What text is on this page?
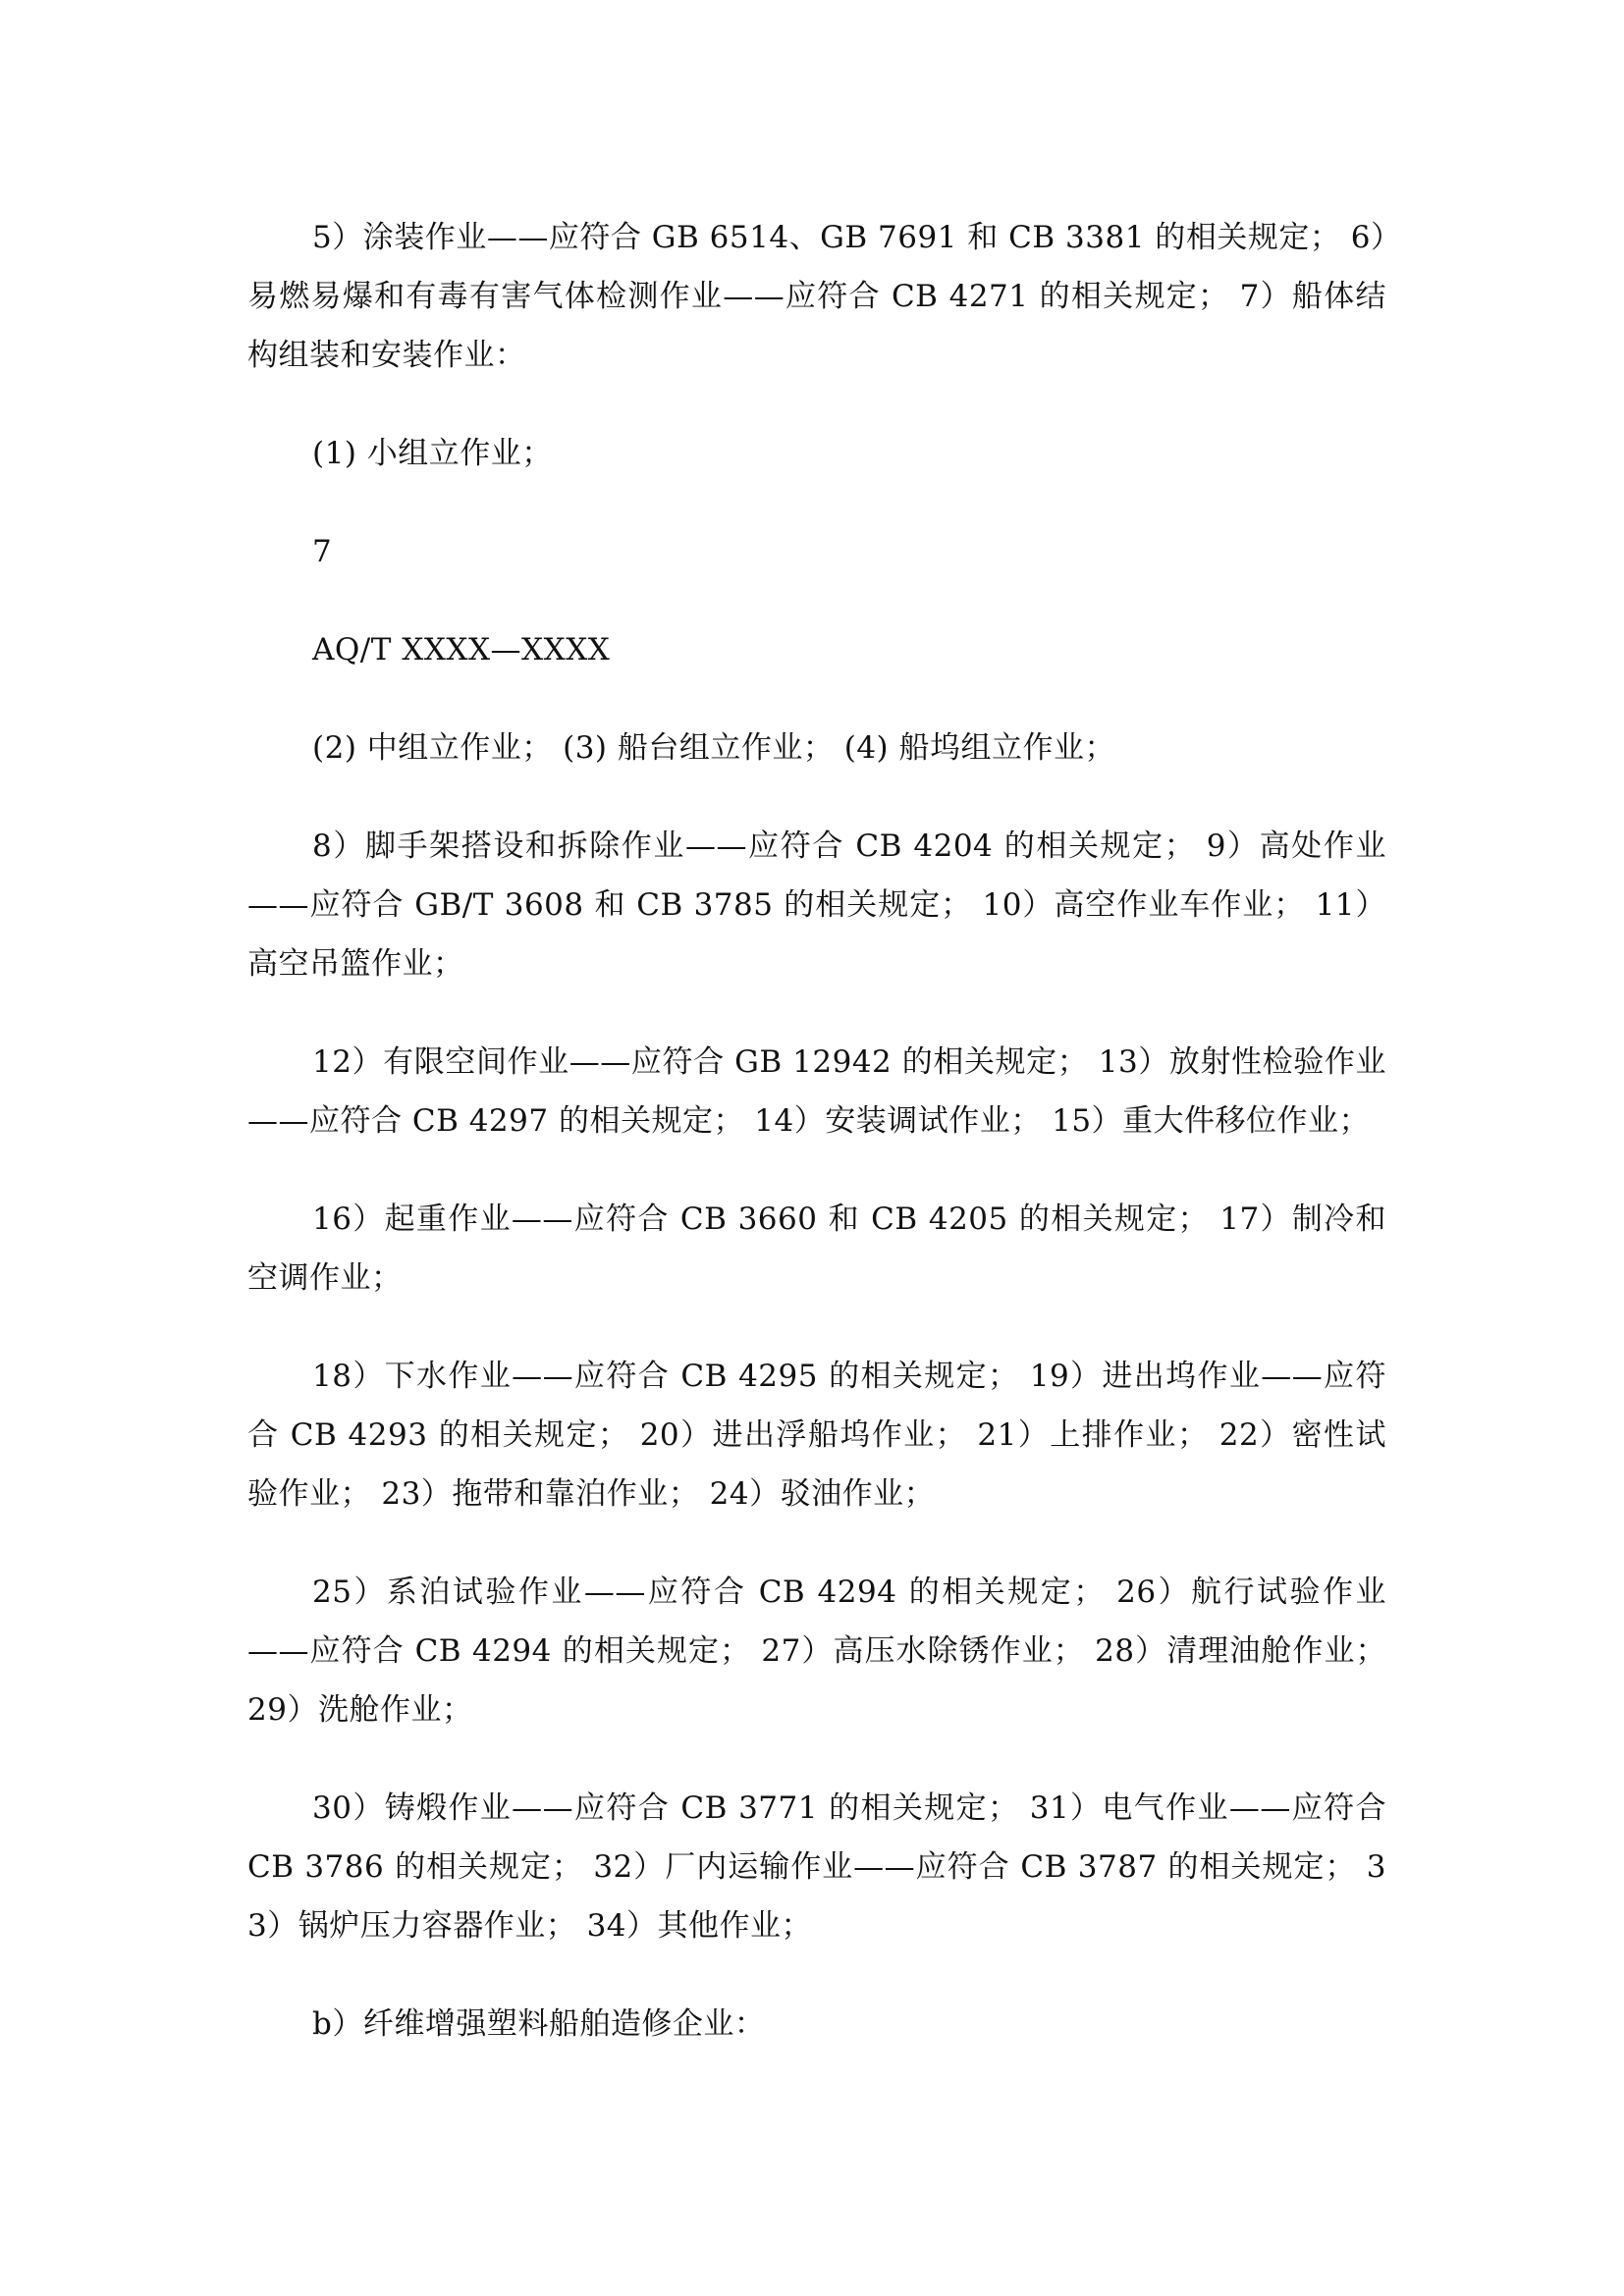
5）涂装作业——应符合 GB 6514、GB 7691 和 CB 3381 的相关规定； 6）易燃易爆和有毒有害气体检测作业——应符合 CB 4271 的相关规定； 7）船体结构组装和安装作业：

(1) 小组立作业；

7

AQ/T XXXX—XXXX

(2) 中组立作业； (3) 船台组立作业； (4) 船坞组立作业；

8）脚手架搭设和拆除作业——应符合 CB 4204 的相关规定； 9）高处作业——应符合 GB/T 3608 和 CB 3785 的相关规定； 10）高空作业车作业； 11）高空吊篮作业；

12）有限空间作业——应符合 GB 12942 的相关规定； 13）放射性检验作业——应符合 CB 4297 的相关规定； 14）安装调试作业； 15）重大件移位作业；

16）起重作业——应符合 CB 3660 和 CB 4205 的相关规定； 17）制冷和空调作业；

18）下水作业——应符合 CB 4295 的相关规定； 19）进出坞作业——应符合 CB 4293 的相关规定； 20）进出浮船坞作业； 21）上排作业； 22）密性试验作业； 23）拖带和靠泊作业； 24）驳油作业；

25）系泊试验作业——应符合 CB 4294 的相关规定； 26）航行试验作业——应符合 CB 4294 的相关规定； 27）高压水除锈作业； 28）清理油舱作业； 29）洗舱作业；

30）铸煅作业——应符合 CB 3771 的相关规定； 31）电气作业——应符合 CB 3786 的相关规定； 32）厂内运输作业——应符合 CB 3787 的相关规定； 33）锅炉压力容器作业； 34）其他作业；

b）纤维增强塑料船舶造修企业：
